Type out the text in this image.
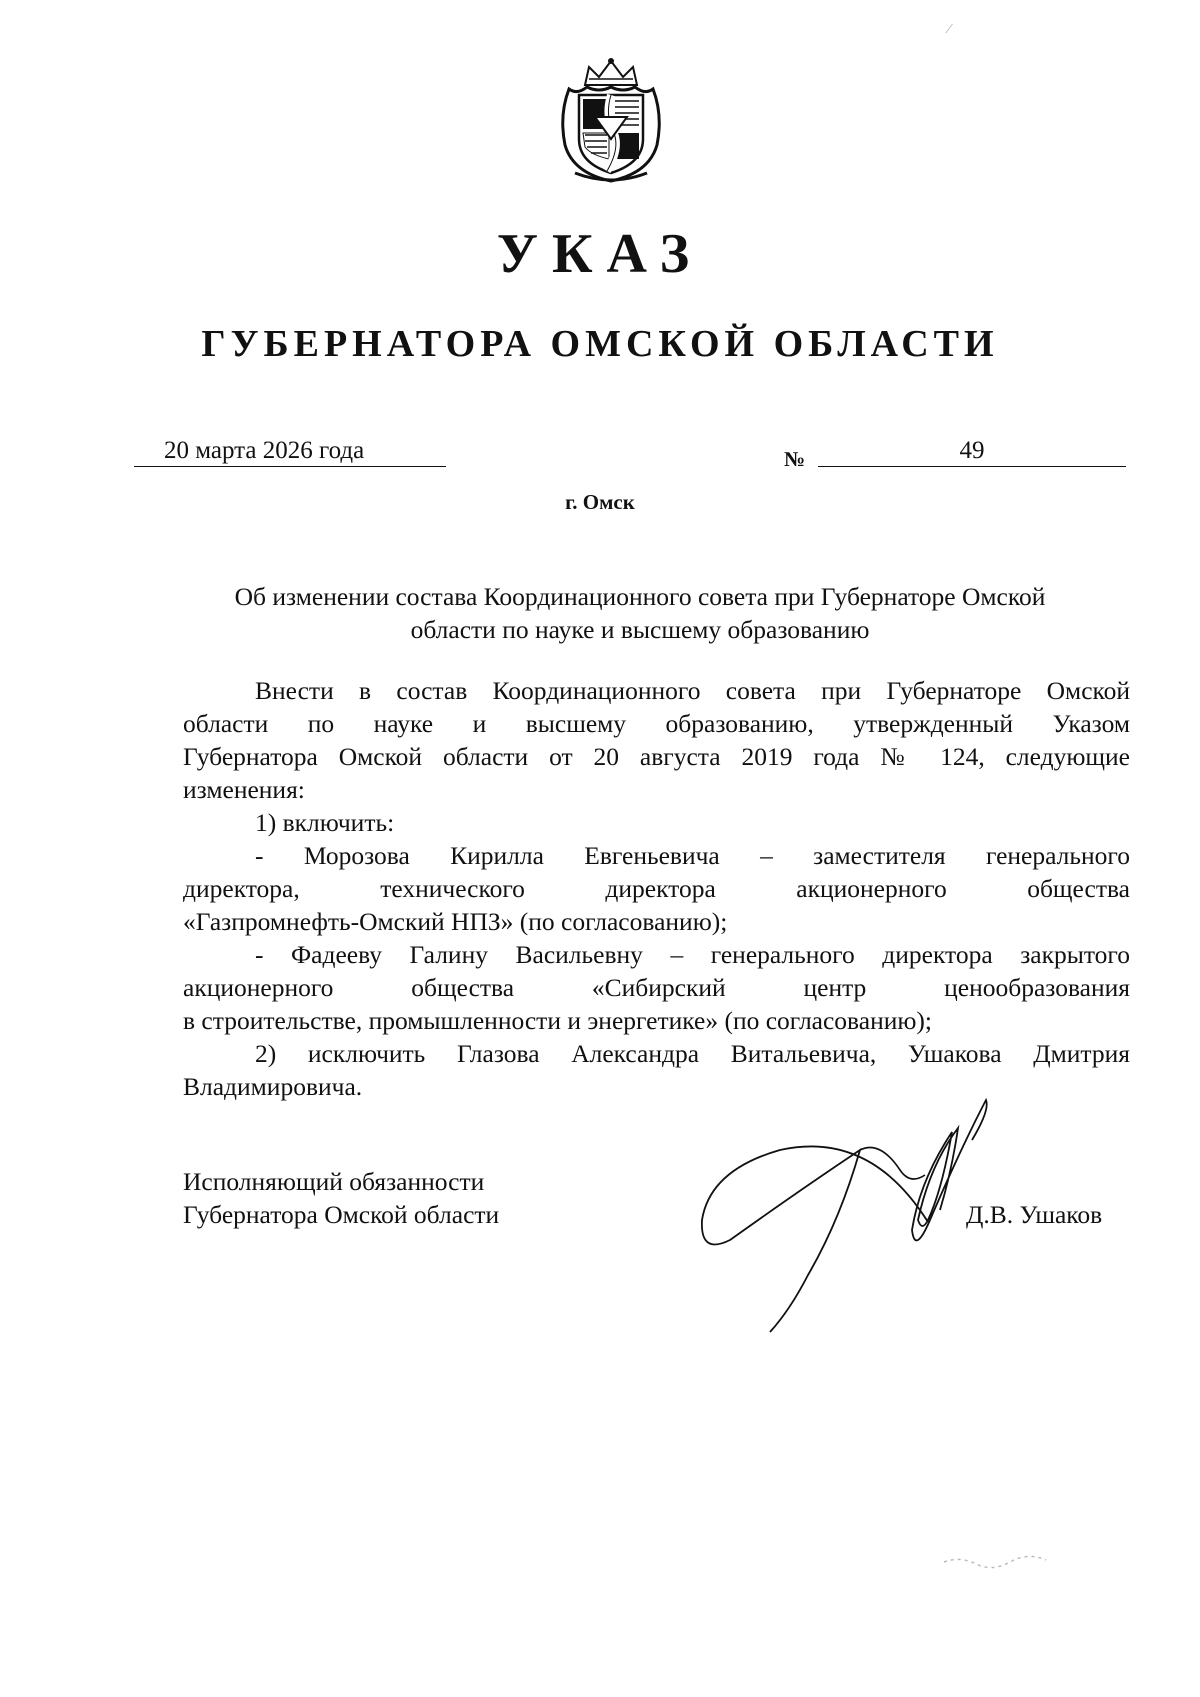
⁄
УКАЗ
ГУБЕРНАТОРА ОМСКОЙ ОБЛАСТИ
20 марта 2026 года	№	49
г. Омск
Об изменении состава Координационного совета при Губернаторе Омской
области по науке и высшему образованию

Внести в состав Координационного совета при Губернаторе Омской

области по науке и высшему образованию, утвержденный Указом

Губернатора Омской области от 20 августа 2019 года № 124, следующие

изменения:

1) включить:

- Морозова Кирилла Евгеньевича – заместителя генерального

директора, технического директора акционерного общества

«Газпромнефть-Омский НПЗ» (по согласованию);

- Фадееву Галину Васильевну – генерального директора закрытого

акционерного общества «Сибирский центр ценообразования

в строительстве, промышленности и энергетике» (по согласованию);

2) исключить Глазова Александра Витальевича, Ушакова Дмитрия

Владимировича.

Исполняющий обязанности
Губернатора Омской области	Д.В. Ушаков
